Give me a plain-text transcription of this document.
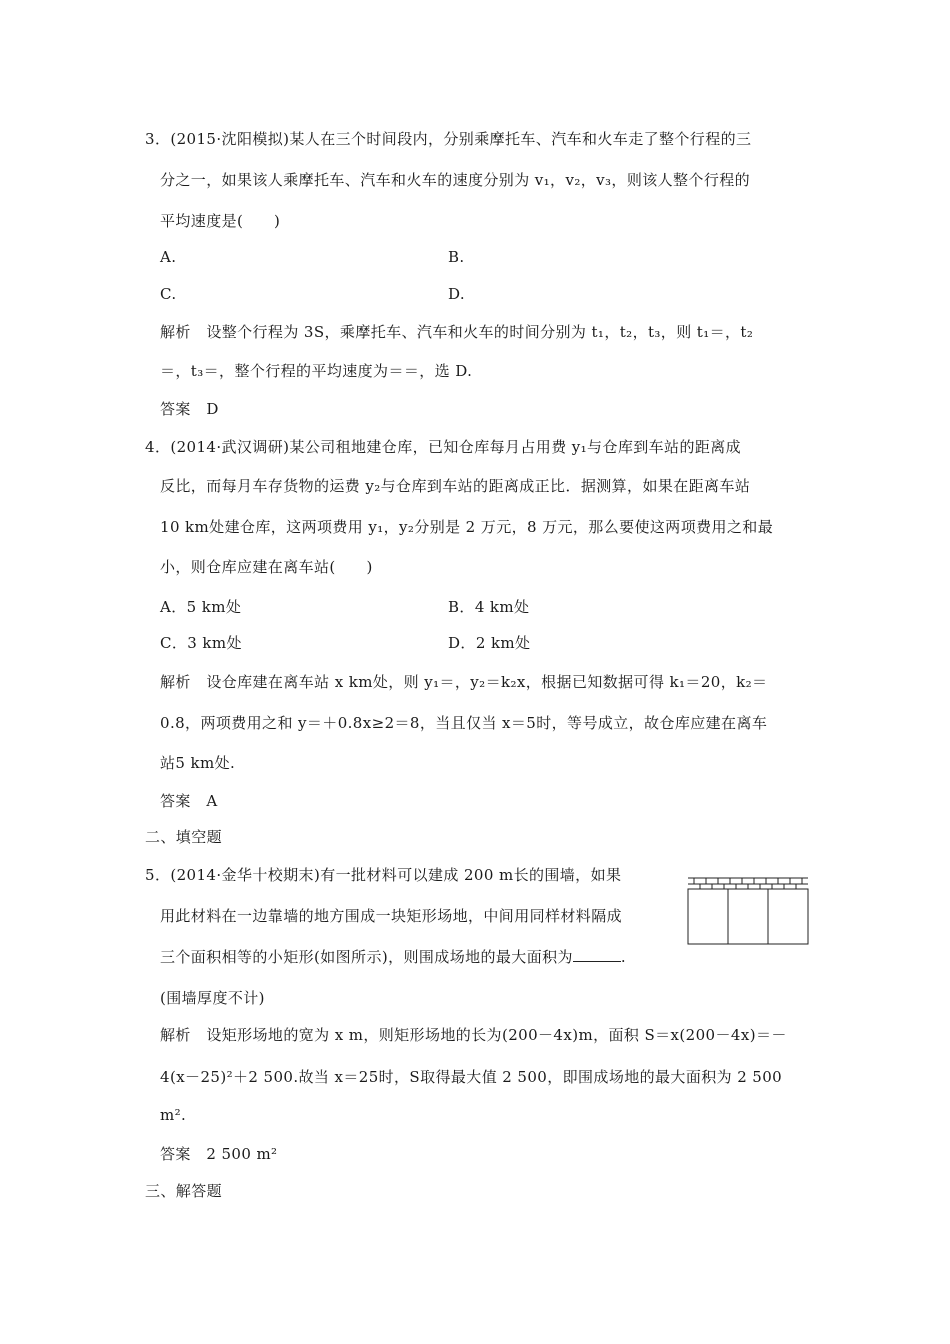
3．(2015·沈阳模拟)某人在三个时间段内，分别乘摩托车、汽车和火车走了整个行程的三
分之一，如果该人乘摩托车、汽车和火车的速度分别为 v₁，v₂，v₃，则该人整个行程的
平均速度是(　　)
A.	B.
C.	D.
解析 设整个行程为 3S，乘摩托车、汽车和火车的时间分别为 t₁，t₂，t₃，则 t₁＝，t₂
＝，t₃＝，整个行程的平均速度为＝＝，选 D.
答案 D
4．(2014·武汉调研)某公司租地建仓库，已知仓库每月占用费 y₁与仓库到车站的距离成
反比，而每月车存货物的运费 y₂与仓库到车站的距离成正比．据测算，如果在距离车站
10 km处建仓库，这两项费用 y₁，y₂分别是 2 万元，8 万元，那么要使这两项费用之和最
小，则仓库应建在离车站(　　)
A．5 km处	B．4 km处
C．3 km处	D．2 km处
解析 设仓库建在离车站 x km处，则 y₁＝，y₂＝k₂x，根据已知数据可得 k₁＝20，k₂＝
0.8，两项费用之和 y＝＋0.8x≥2＝8，当且仅当 x＝5时，等号成立，故仓库应建在离车
站5 km处.
答案 A
二、填空题
5．(2014·金华十校期末)有一批材料可以建成 200 m长的围墙，如果
用此材料在一边靠墙的地方围成一块矩形场地，中间用同样材料隔成
三个面积相等的小矩形(如图所示)，则围成场地的最大面积为	.
(围墙厚度不计)
解析 设矩形场地的宽为 x m，则矩形场地的长为(200－4x)m，面积 S＝x(200－4x)＝－
4(x－25)²＋2 500.故当 x＝25时，S取得最大值 2 500，即围成场地的最大面积为 2 500
m².
答案 2 500 m²
三、解答题
